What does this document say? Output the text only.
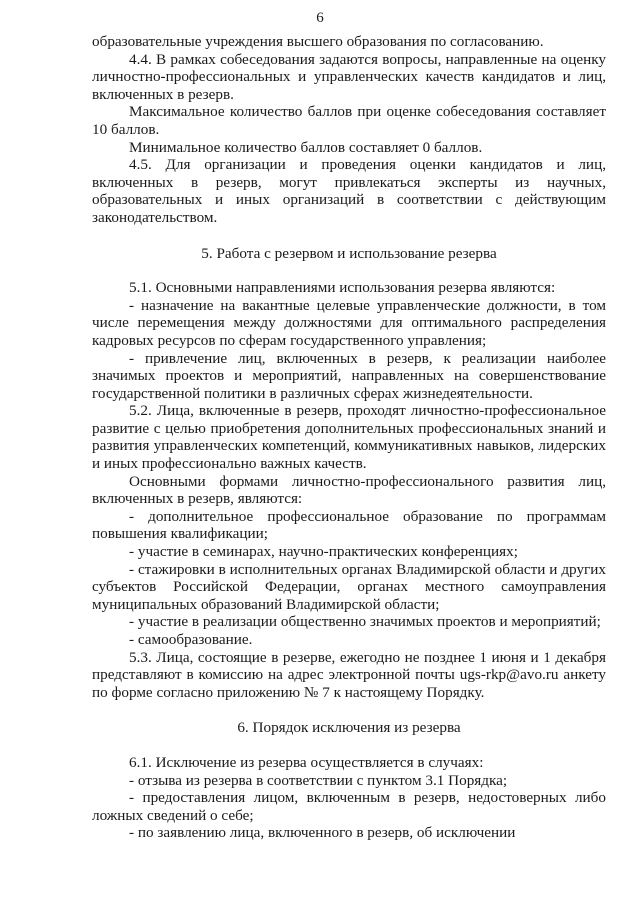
6

образовательные учреждения высшего образования по согласованию.

4.4. В рамках собеседования задаются вопросы, направленные на оценку личностно-профессиональных и управленческих качеств кандидатов и лиц, включенных в резерв.

Максимальное количество баллов при оценке собеседования составляет 10 баллов.

Минимальное количество баллов составляет 0 баллов.

4.5. Для организации и проведения оценки кандидатов и лиц, включенных в резерв, могут привлекаться эксперты из научных, образовательных и иных организаций в соответствии с действующим законодательством.

5. Работа с резервом и использование резерва

5.1. Основными направлениями использования резерва являются:

- назначение на вакантные целевые управленческие должности, в том числе перемещения между должностями для оптимального распределения кадровых ресурсов по сферам государственного управления;

- привлечение лиц, включенных в резерв, к реализации наиболее значимых проектов и мероприятий, направленных на совершенствование государственной политики в различных сферах жизнедеятельности.

5.2. Лица, включенные в резерв, проходят личностно-профессиональное развитие с целью приобретения дополнительных профессиональных знаний и развития управленческих компетенций, коммуникативных навыков, лидерских и иных профессионально важных качеств.

Основными формами личностно-профессионального развития лиц, включенных в резерв, являются:

- дополнительное профессиональное образование по программам повышения квалификации;

- участие в семинарах, научно-практических конференциях;

- стажировки в исполнительных органах Владимирской области и других субъектов Российской Федерации, органах местного самоуправления муниципальных образований Владимирской области;

- участие в реализации общественно значимых проектов и мероприятий;

- самообразование.

5.3. Лица, состоящие в резерве, ежегодно не позднее 1 июня и 1 декабря представляют в комиссию на адрес электронной почты ugs-rkp@avo.ru анкету по форме согласно приложению № 7 к настоящему Порядку.

6. Порядок исключения из резерва

6.1. Исключение из резерва осуществляется в случаях:

- отзыва из резерва в соответствии с пунктом 3.1 Порядка;

- предоставления лицом, включенным в резерв, недостоверных либо ложных сведений о себе;

- по заявлению лица, включенного в резерв, об исключении
